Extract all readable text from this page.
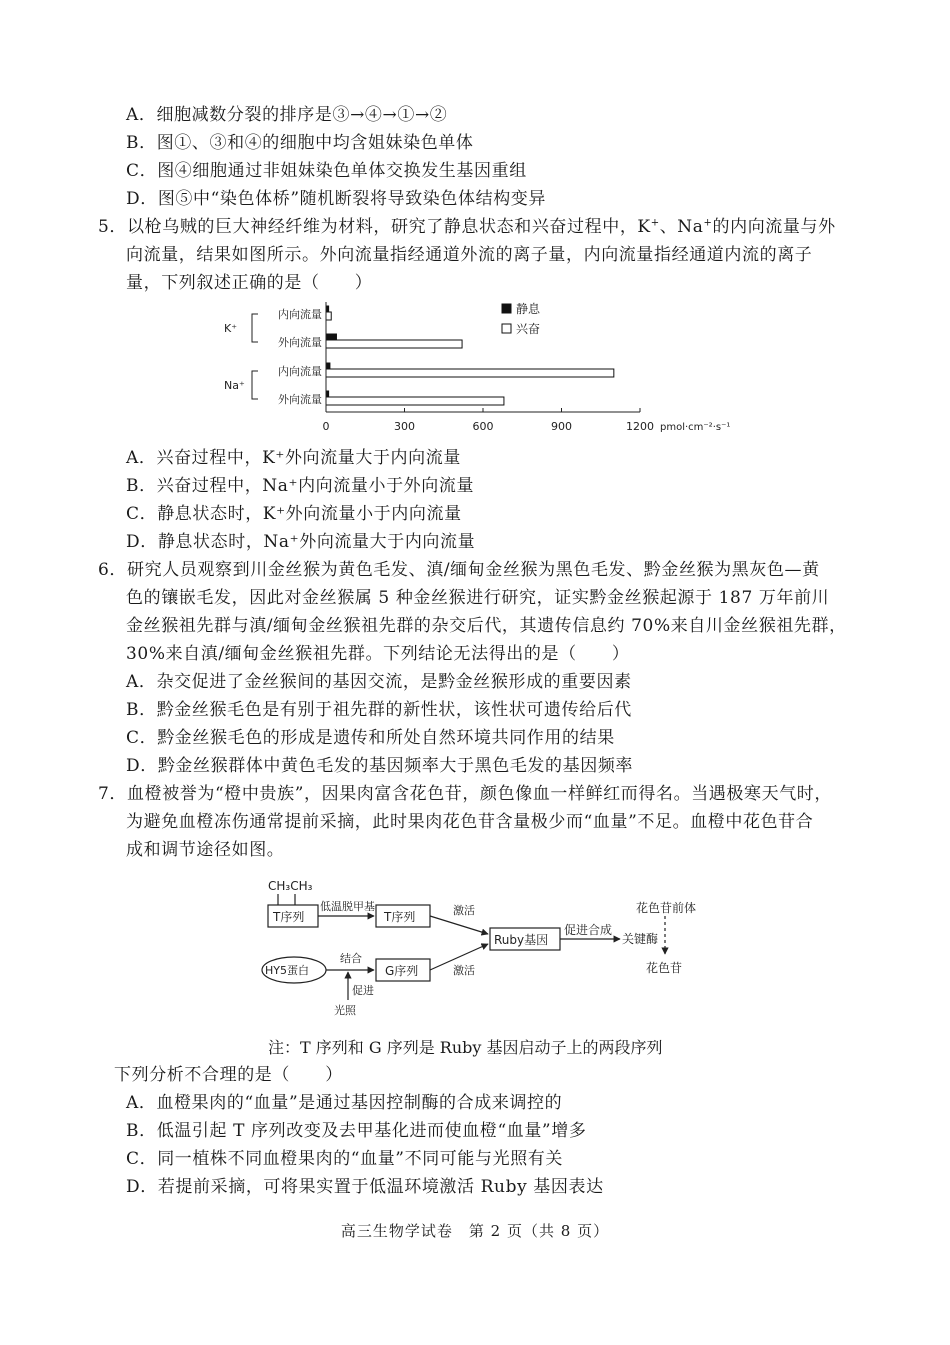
A．细胞减数分裂的排序是③→④→①→②
B．图①、③和④的细胞中均含姐妹染色单体
C．图④细胞通过非姐妹染色单体交换发生基因重组
D．图⑤中“染色体桥”随机断裂将导致染色体结构变异
5．以枪乌贼的巨大神经纤维为材料，研究了静息状态和兴奋过程中，K+、Na+的内向流量与外
向流量，结果如图所示。外向流量指经通道外流的离子量，内向流量指经通道内流的离子
量，下列叙述正确的是（　　）
K⁺
Na⁺
内向流量
外向流量
内向流量
外向流量
0	300	600	900	1200 pmol·cm⁻²·s⁻¹
静息
兴奋
A．兴奋过程中，K⁺外向流量大于内向流量
B．兴奋过程中，Na⁺内向流量小于外向流量
C．静息状态时，K⁺外向流量小于内向流量
D．静息状态时，Na⁺外向流量大于内向流量
6．研究人员观察到川金丝猴为黄色毛发、滇/缅甸金丝猴为黑色毛发、黔金丝猴为黑灰色—黄
色的镶嵌毛发，因此对金丝猴属 5 种金丝猴进行研究，证实黔金丝猴起源于 187 万年前川
金丝猴祖先群与滇/缅甸金丝猴祖先群的杂交后代，其遗传信息约 70%来自川金丝猴祖先群，
30%来自滇/缅甸金丝猴祖先群。下列结论无法得出的是（　　）
A．杂交促进了金丝猴间的基因交流，是黔金丝猴形成的重要因素
B．黔金丝猴毛色是有别于祖先群的新性状，该性状可遗传给后代
C．黔金丝猴毛色的形成是遗传和所处自然环境共同作用的结果
D．黔金丝猴群体中黄色毛发的基因频率大于黑色毛发的基因频率
7．血橙被誉为“橙中贵族”，因果肉富含花色苷，颜色像血一样鲜红而得名。当遇极寒天气时，
为避免血橙冻伤通常提前采摘，此时果肉花色苷含量极少而“血量”不足。血橙中花色苷合
成和调节途径如图。
CH₃CH₃
T序列
低温脱甲基
T序列	激活
激活
Ruby基因
促进合成
关键酶
花色苷前体
花色苷
HY5蛋白
结合
G序列
促进
光照
注：T 序列和 G 序列是 Ruby 基因启动子上的两段序列
下列分析不合理的是（　　）
A．血橙果肉的“血量”是通过基因控制酶的合成来调控的
B．低温引起 T 序列改变及去甲基化进而使血橙“血量”增多
C．同一植株不同血橙果肉的“血量”不同可能与光照有关
D．若提前采摘，可将果实置于低温环境激活 Ruby 基因表达
高三生物学试卷　第 2 页（共 8 页）
